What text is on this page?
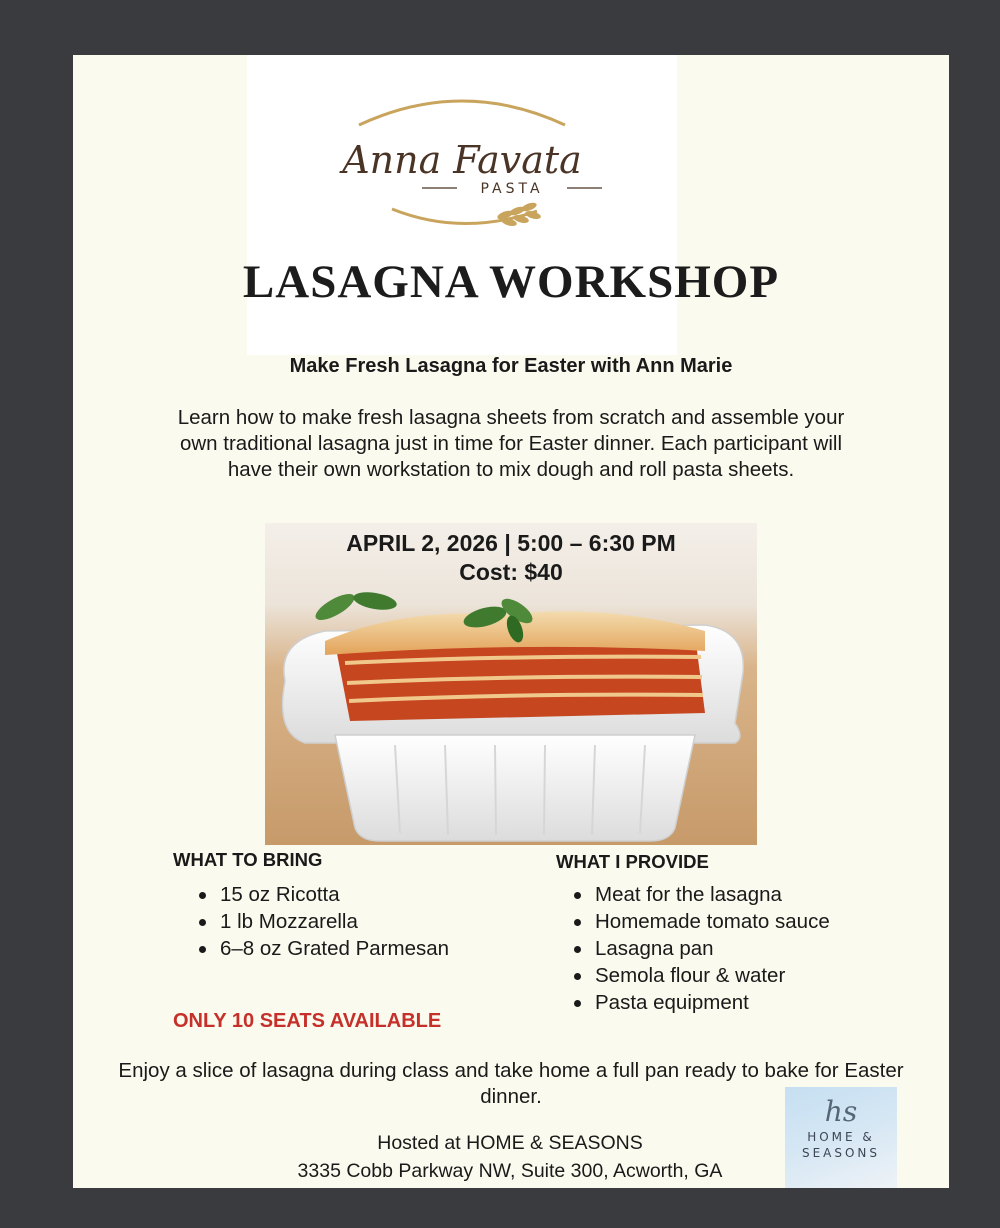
Anna Favata
PASTA
LASAGNA WORKSHOP

Make Fresh Lasagna for Easter with Ann Marie

Learn how to make fresh lasagna sheets from scratch and assemble your own traditional lasagna just in time for Easter dinner. Each participant will have their own workstation to mix dough and roll pasta sheets.

APRIL 2, 2026 | 5:00 – 6:30 PM
Cost: $40
WHAT TO BRING
15 oz Ricotta
1 lb Mozzarella
6–8 oz Grated Parmesan
WHAT I PROVIDE
Meat for the lasagna
Homemade tomato sauce
Lasagna pan
Semola flour & water
Pasta equipment

ONLY 10 SEATS AVAILABLE

Enjoy a slice of lasagna during class and take home a full pan ready to bake for Easter dinner.

Hosted at HOME & SEASONS
3335 Cobb Parkway NW, Suite 300, Acworth, GA
hs
HOME &
SEASONS
